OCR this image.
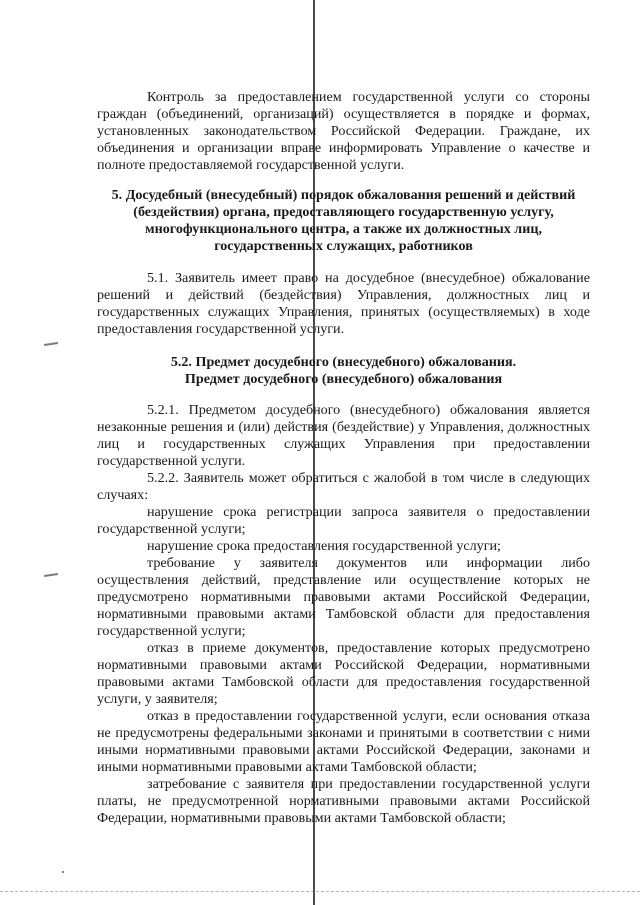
Контроль за предоставлением государственной услуги со стороны граждан (объединений, организаций) осуществляется в порядке и формах, установленных законодательством Российской Федерации. Граждане, их объединения и организации вправе информировать Управление о качестве и полноте предоставляемой государственной услуги.

5. Досудебный (внесудебный) порядок обжалования решений и действий (бездействия) органа, предоставляющего государственную услугу, многофункционального центра, а также их должностных лиц, государственных служащих, работников

5.1. Заявитель имеет право на досудебное (внесудебное) обжалование решений и действий (бездействия) Управления, должностных лиц и государственных служащих Управления, принятых (осуществляемых) в ходе предоставления государственной услуги.

5.2. Предмет досудебного (внесудебного) обжалования.
Предмет досудебного (внесудебного) обжалования

5.2.1. Предметом досудебного (внесудебного) обжалования является незаконные решения и (или) действия (бездействие) у Управления, должностных лиц и государственных служащих Управления при предоставлении государственной услуги.

5.2.2. Заявитель может обратиться с жалобой в том числе в следующих случаях:

нарушение срока регистрации запроса заявителя о предоставлении государственной услуги;

нарушение срока предоставления государственной услуги;

требование у заявителя документов или информации либо осуществления действий, представление или осуществление которых не предусмотрено нормативными правовыми актами Российской Федерации, нормативными правовыми актами Тамбовской области для предоставления государственной услуги;

отказ в приеме документов, предоставление которых предусмотрено нормативными правовыми актами Российской Федерации, нормативными правовыми актами Тамбовской области для предоставления государственной услуги, у заявителя;

отказ в предоставлении государственной услуги, если основания отказа не предусмотрены федеральными законами и принятыми в соответствии с ними иными нормативными правовыми актами Российской Федерации, законами и иными нормативными правовыми актами Тамбовской области;

затребование с заявителя при предоставлении государственной услуги платы, не предусмотренной нормативными правовыми актами Российской Федерации, нормативными правовыми актами Тамбовской области;
